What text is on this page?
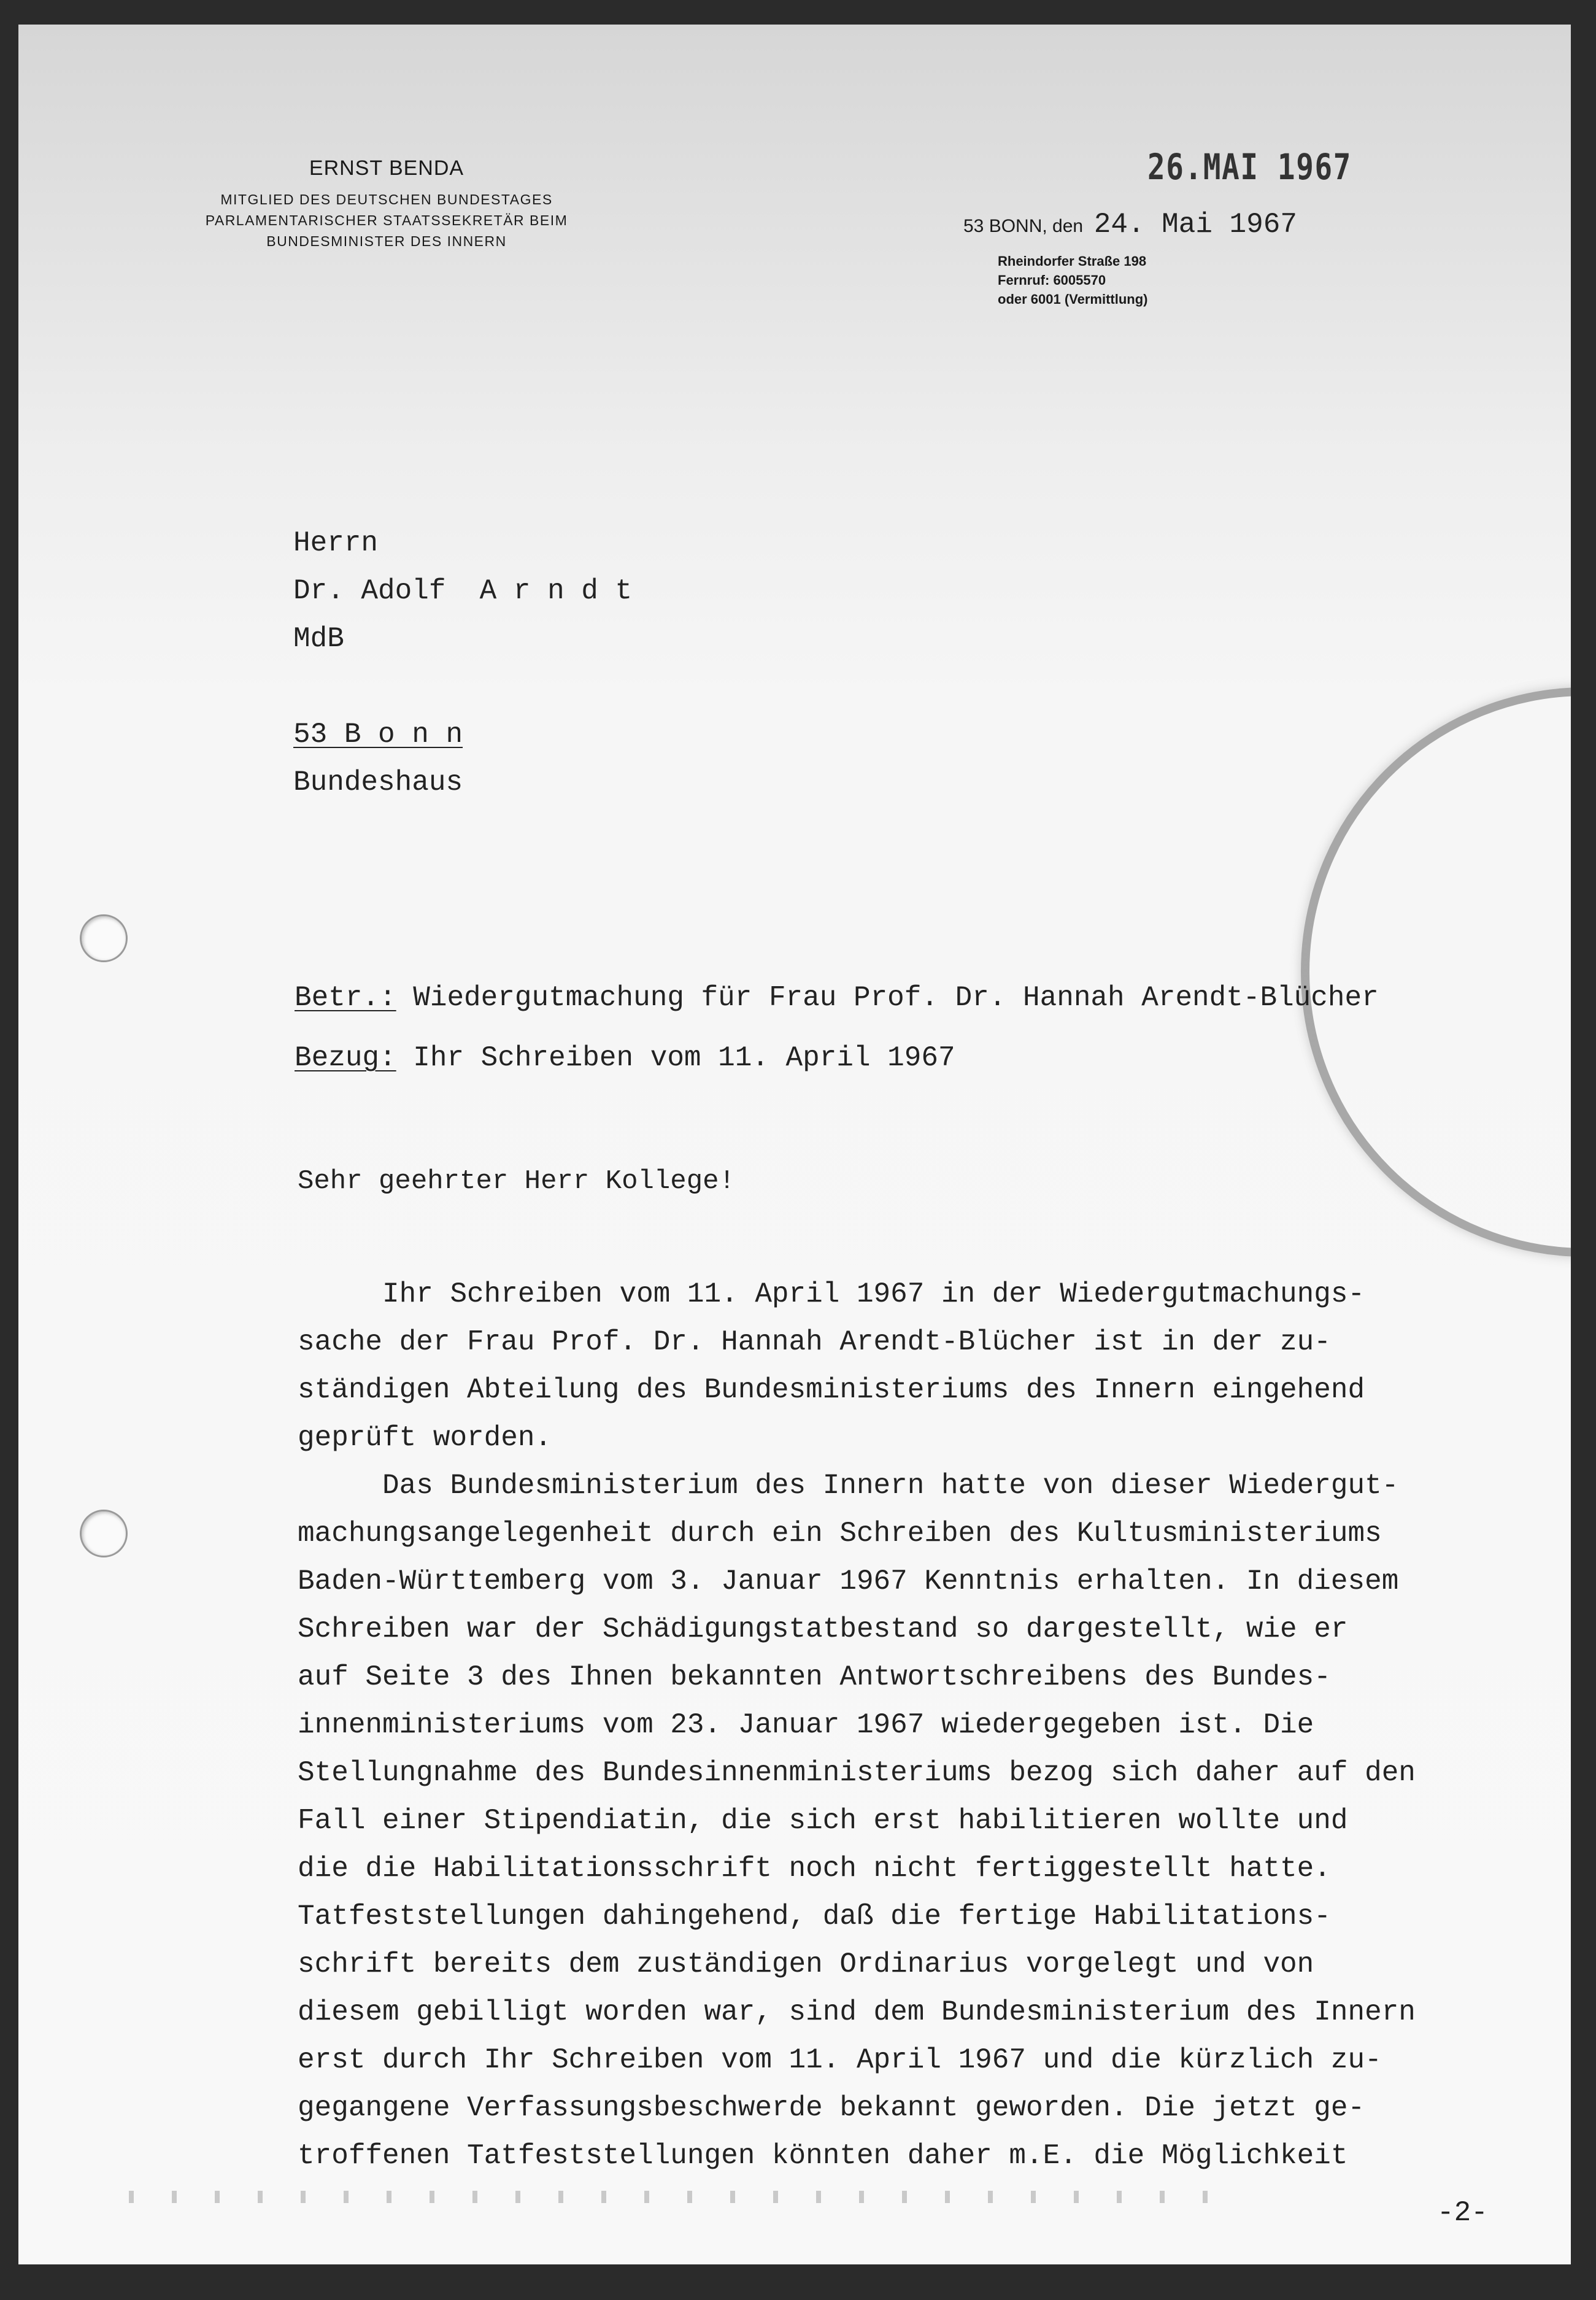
ERNST BENDA
MITGLIED DES DEUTSCHEN BUNDESTAGES
PARLAMENTARISCHER STAATSSEKRETÄR BEIM
BUNDESMINISTER DES INNERN
26.MAI 1967
53 BONN, den 24. Mai 1967
Rheindorfer Straße 198
Fernruf: 6005570
oder 6001 (Vermittlung)
Herrn
Dr. Adolf  A r n d t
MdB
53 B o n n
Bundeshaus
Betr.: Wiedergutmachung für Frau Prof. Dr. Hannah Arendt-Blücher
Bezug: Ihr Schreiben vom 11. April 1967
Sehr geehrter Herr Kollege!
Ihr Schreiben vom 11. April 1967 in der Wiedergutmachungs-
sache der Frau Prof. Dr. Hannah Arendt-Blücher ist in der zu-
ständigen Abteilung des Bundesministeriums des Innern eingehend
geprüft worden.
Das Bundesministerium des Innern hatte von dieser Wiedergut-
machungsangelegenheit durch ein Schreiben des Kultusministeriums
Baden-Württemberg vom 3. Januar 1967 Kenntnis erhalten. In diesem
Schreiben war der Schädigungstatbestand so dargestellt, wie er
auf Seite 3 des Ihnen bekannten Antwortschreibens des Bundes-
innenministeriums vom 23. Januar 1967 wiedergegeben ist. Die
Stellungnahme des Bundesinnenministeriums bezog sich daher auf den
Fall einer Stipendiatin, die sich erst habilitieren wollte und
die die Habilitationsschrift noch nicht fertiggestellt hatte.
Tatfeststellungen dahingehend, daß die fertige Habilitations-
schrift bereits dem zuständigen Ordinarius vorgelegt und von
diesem gebilligt worden war, sind dem Bundesministerium des Innern
erst durch Ihr Schreiben vom 11. April 1967 und die kürzlich zu-
gegangene Verfassungsbeschwerde bekannt geworden. Die jetzt ge-
troffenen Tatfeststellungen könnten daher m.E. die Möglichkeit
-2-
